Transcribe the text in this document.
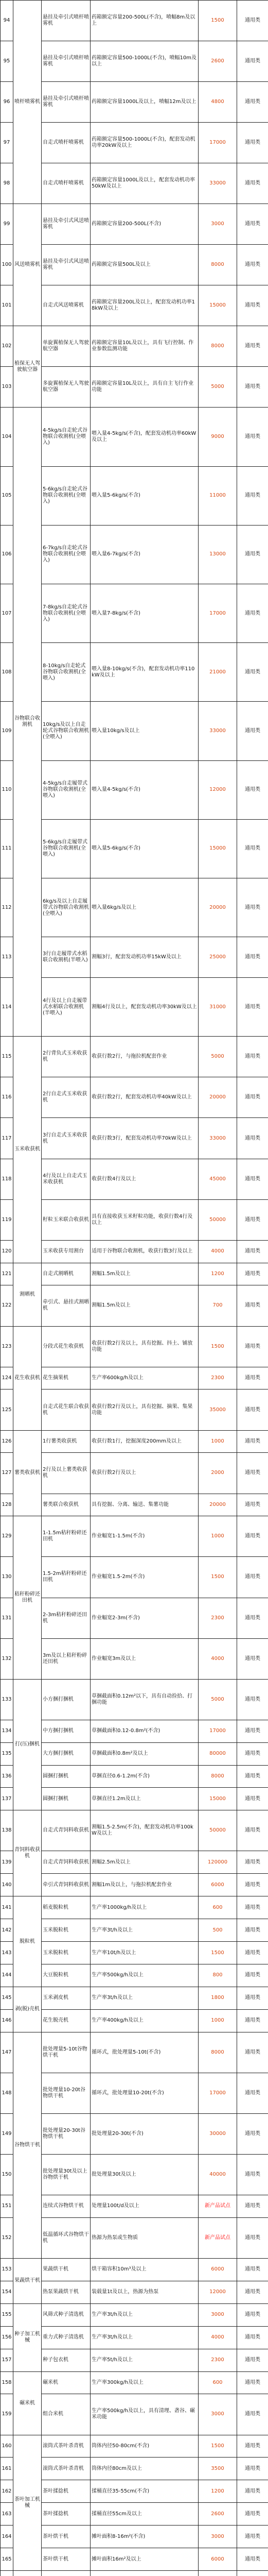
94	喷杆喷雾机	悬挂及牵引式喷杆喷雾机	药箱额定容量200-500L(不含)，喷幅8m及以上	1500	通用类
95		悬挂及牵引式喷杆喷雾机	药箱额定容量500-1000L(不含)，喷幅10m及以上	2600	通用类
96		悬挂及牵引式喷杆喷雾机	药箱额定容量1000L及以上，喷幅12m及以上	4800	通用类
97		自走式喷杆喷雾机	药箱额定容量500-1000L(不含)，配套发动机功率20kW及以上	17000	通用类
98		自走式喷杆喷雾机	药箱额定容量1000L及以上，配套发动机功率50kW及以上	33000	通用类
99	风送喷雾机	悬挂及牵引式风送喷雾机	药箱额定容量200-500L(不含)	3000	通用类
100		悬挂及牵引式风送喷雾机	药箱额定容量500L及以上	8000	通用类
101		自走式风送喷雾机	药箱额定容量200L及以上，配套发动机功率18kW及以上	15000	通用类
102	植保无人驾驶航空器	单旋翼植保无人驾驶航空器	药箱额定容量10L及以上，具有飞行控制、作业参数监测功能	8000	通用类
103		多旋翼植保无人驾驶航空器	药箱额定容量10L及以上，具有自主飞行作业功能	5000	通用类
104	谷物联合收割机	4-5kg/s自走轮式谷物联合收割机(全喂入)	喂入量4-5kg/s(不含)，配套发动机功率60kW及以上	9000	通用类
105		5-6kg/s自走轮式谷物联合收割机(全喂入)	喂入量5-6kg/s(不含)	11000	通用类
106		6-7kg/s自走轮式谷物联合收割机(全喂入)	喂入量6-7kg/s(不含)	13000	通用类
107		7-8kg/s自走轮式谷物联合收割机(全喂入)	喂入量7-8kg/s(不含)	17000	通用类
108		8-10kg/s自走轮式谷物联合收割机(全喂入)	喂入量8-10kg/s(不含)，配套发动机功率110kW及以上	21000	通用类
109		10kg/s及以上自走轮式谷物联合收割机(全喂入)	喂入量10kg/s及以上	33000	通用类
110		4-5kg/s自走履带式谷物联合收割机(全喂入)	喂入量4-5kg/s(不含)	12000	通用类
111		5-6kg/s自走履带式谷物联合收割机(全喂入)	喂入量5-6kg/s(不含)	15000	通用类
112		6kg/s及以上自走履带式谷物联合收割机(全喂入)	喂入量6kg/s及以上	20000	通用类
113		3行自走履带式水稻联合收割机(半喂入)	割幅3行，配套发动机功率15kW及以上	25000	通用类
114		4行及以上自走履带式水稻联合收割机(半喂入)	割幅4行及以上，配套发动机功率30kW及以上	31000	通用类
115	玉米收获机	2行背负式玉米收获机	收获行数2行，与拖拉机配套作业	5000	通用类
116		2行自走式玉米收获机	收获行数2行，配套发动机功率40kW及以上	20000	通用类
117		3行自走式玉米收获机	收获行数3行，配套发动机功率70kW及以上	33000	通用类
118		4行及以上自走式玉米收获机	收获行数4行及以上	45000	通用类
119		籽粒玉米联合收获机	具有直接收获玉米籽粒功能，收获行数4行及以上	50000	通用类
120		玉米收获专用割台	适用于谷物联合收割机，收获行数3行及以上	4000	通用类
121	割晒机	自走式割晒机	割幅1.5m及以上	1200	通用类
122		牵引式、悬挂式割晒机	割幅1.5m及以上	700	通用类
123	花生收获机	分段式花生收获机	收获行数2行及以上，具有挖掘、抖土、铺放功能	1500	通用类
124		花生摘果机	生产率600kg/h及以上	2300	通用类
125		自走式花生联合收获机	收获行数2行及以上，具有挖掘、摘果、集果功能	35000	通用类
126	薯类收获机	1行薯类收获机	收获行数1行，挖掘深度200mm及以上	1000	通用类
127		2行及以上薯类收获机	收获行数2行及以上	2000	通用类
128		薯类联合收获机	具有挖掘、分离、输送、集薯功能	20000	通用类
129	秸秆粉碎还田机	1-1.5m秸秆粉碎还田机	作业幅宽1-1.5m(不含)	1000	通用类
130		1.5-2m秸秆粉碎还田机	作业幅宽1.5-2m(不含)	1500	通用类
131		2-3m秸秆粉碎还田机	作业幅宽2-3m(不含)	2300	通用类
132		3m及以上秸秆粉碎还田机	作业幅宽3m及以上	4000	通用类
133	打(压)捆机	小方捆打捆机	草捆截面积0.12m²以下，具有自动捡拾、打捆功能	5000	通用类
134		中方捆打捆机	草捆截面积0.12-0.8m²(不含)	17000	通用类
135		大方捆打捆机	草捆截面积0.8m²及以上	80000	通用类
136		圆捆打捆机	草捆直径0.6-1.2m(不含)	8000	通用类
137		圆捆打捆机	草捆直径1.2m及以上	15000	通用类
138	青饲料收获机	自走式青饲料收获机	割幅1.5-2.5m(不含)，配套发动机功率100kW及以上	50000	通用类
139		自走式青饲料收获机	割幅2.5m及以上	120000	通用类
140		牵引式青饲料收获机	割幅1m及以上，与拖拉机配套作业	6000	通用类
141	脱粒机	稻麦脱粒机	生产率1000kg/h及以上	600	通用类
142		玉米脱粒机	生产率3t/h及以上	500	通用类
143		玉米脱粒机	生产率10t/h及以上	1500	通用类
144		大豆脱粒机	生产率500kg/h及以上	800	通用类
145	剥(脱)壳机	玉米剥皮机	生产率3t/h及以上	1800	通用类
146		花生脱壳机	生产率400kg/h及以上	1000	通用类
147	谷物烘干机	批处理量5-10t谷物烘干机	循环式，批处理量5-10t(不含)	8000	通用类
148		批处理量10-20t谷物烘干机	循环式，批处理量10-20t(不含)	17000	通用类
149		批处理量20-30t谷物烘干机	批处理量20-30t(不含)	30000	通用类
150		批处理量30t及以上谷物烘干机	批处理量30t及以上	40000	通用类
151		连续式谷物烘干机	处理量100t/d及以上	新产品试点	通用类
152		低温循环式谷物烘干机	热源为热泵或生物质	新产品试点	通用类
153	果蔬烘干机	果蔬烘干机	烘干箱容积10m³及以上	6000	通用类
154		热泵果蔬烘干机	装载量1t及以上，热源为热泵	12000	通用类
155	种子加工机械	风筛式种子清选机	生产率3t/h及以上	3000	通用类
156		重力式种子清选机	生产率3t/h及以上	4000	通用类
157		种子包衣机	生产率5t/h及以上	2300	通用类
158	碾米机	碾米机	生产率300kg/h及以上	600	通用类
159		组合米机	生产率500kg/h及以上，具有清理、砻谷、碾米功能	3000	通用类
160	茶叶加工机械	滚筒式茶叶杀青机	筒体内径50-80cm(不含)	1500	通用类
161		滚筒式茶叶杀青机	筒体内径80cm及以上	3500	通用类
162		茶叶揉捻机	揉桶直径35-55cm(不含)	1200	通用类
163		茶叶揉捻机	揉桶直径55cm及以上	2600	通用类
164		茶叶烘干机	摊叶面积8-16m²(不含)	3000	通用类
165		茶叶烘干机	摊叶面积16m²及以上	6000	通用类
